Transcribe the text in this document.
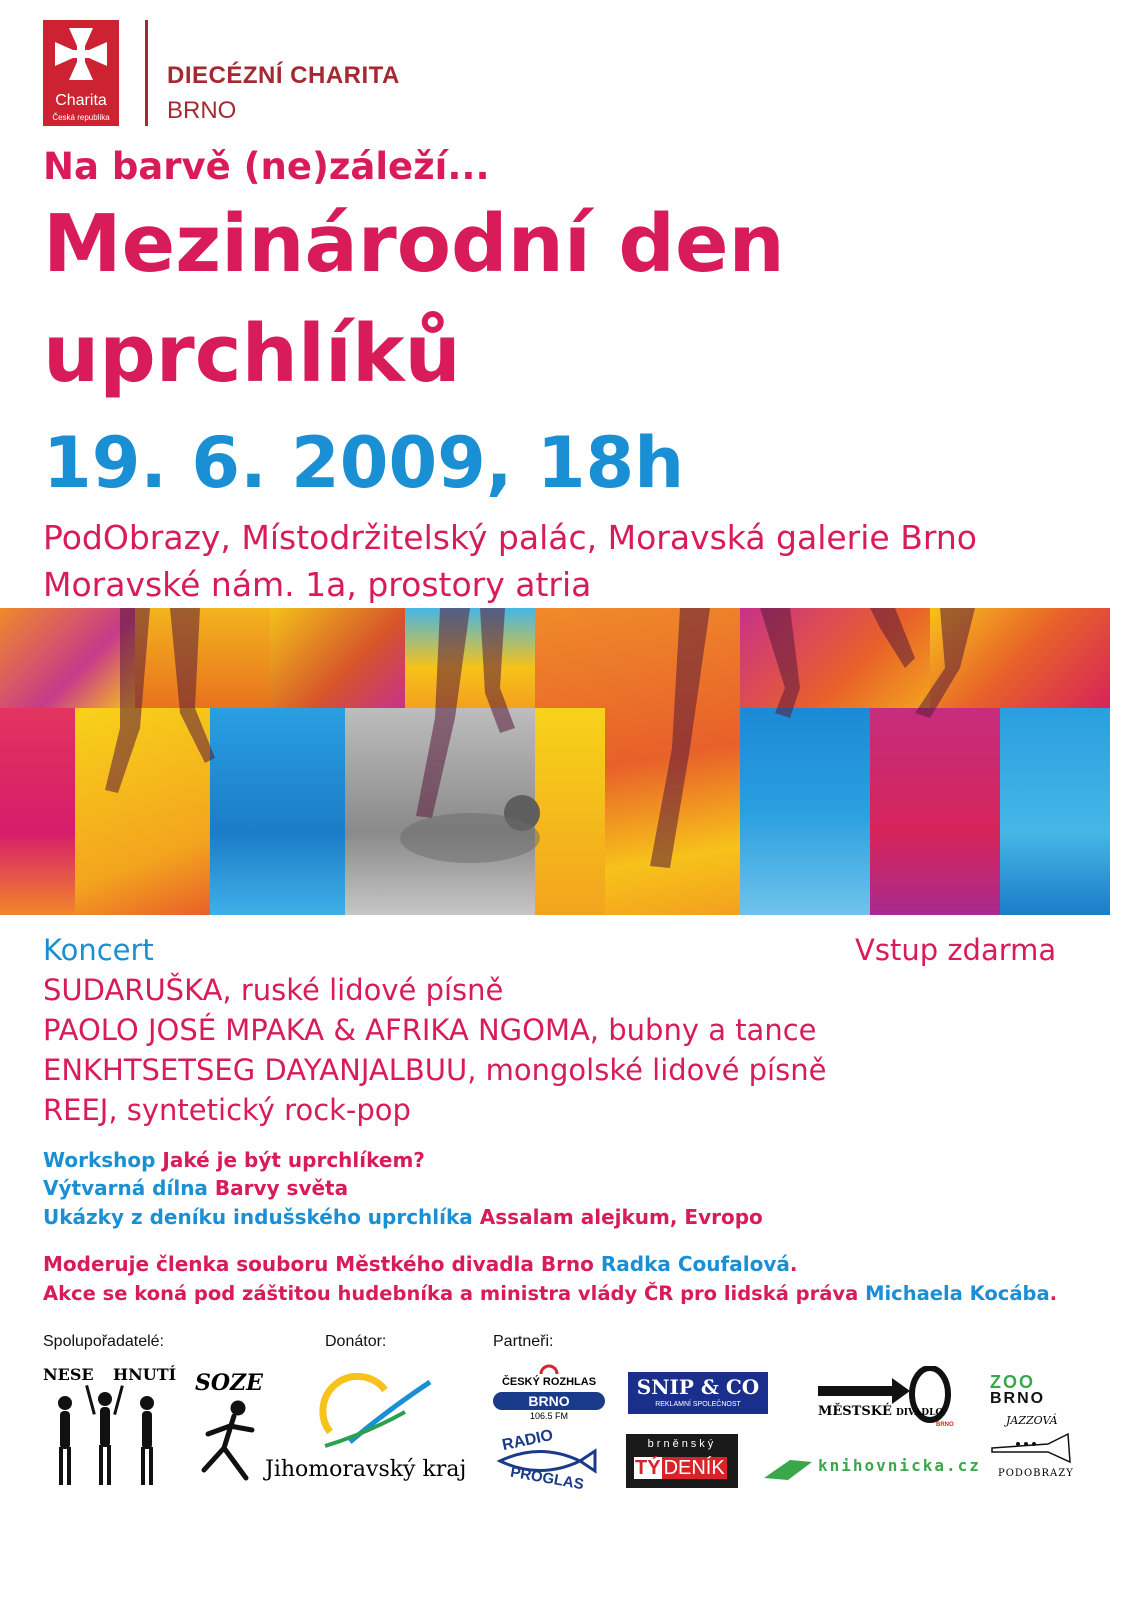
Charita
Česká republika
DIECÉZNÍ CHARITA
BRNO
Na barvě (ne)záleží...
Mezinárodní den
uprchlíků
19. 6. 2009, 18h
PodObrazy, Místodržitelský palác, Moravská galerie Brno
Moravské nám. 1a, prostory atria
Koncert	Vstup zdarma
SUDARUŠKA, ruské lidové písně
PAOLO JOSÉ MPAKA & AFRIKA NGOMA, bubny a tance
ENKHTSETSEG DAYANJALBUU, mongolské lidové písně
REEJ, syntetický rock-pop
Workshop Jaké je být uprchlíkem?
Výtvarná dílna Barvy světa
Ukázky z deníku indušského uprchlíka Assalam alejkum, Evropo
Moderuje členka souboru Městkého divadla Brno Radka Coufalová.
Akce se koná pod záštitou hudebníka a ministra vlády ČR pro lidská práva Michaela Kocába.
Spolupořadatelé:	Donátor:	Partneři:
NESE HNUTÍ SOZE
Jihomoravský kraj
ČESKÝ ROZHLAS
BRNO
106.5 FM
RADIO
PROGLAS
SNIP & CO
REKLAMNÍ SPOLEČNOST
brněnský
TÝ DENÍK
MĚSTSKÉ DIVADLO
BRNO
knihovnicka.cz
ZOO
BRNO
JAZZOVÁ
PODOBRAZY
